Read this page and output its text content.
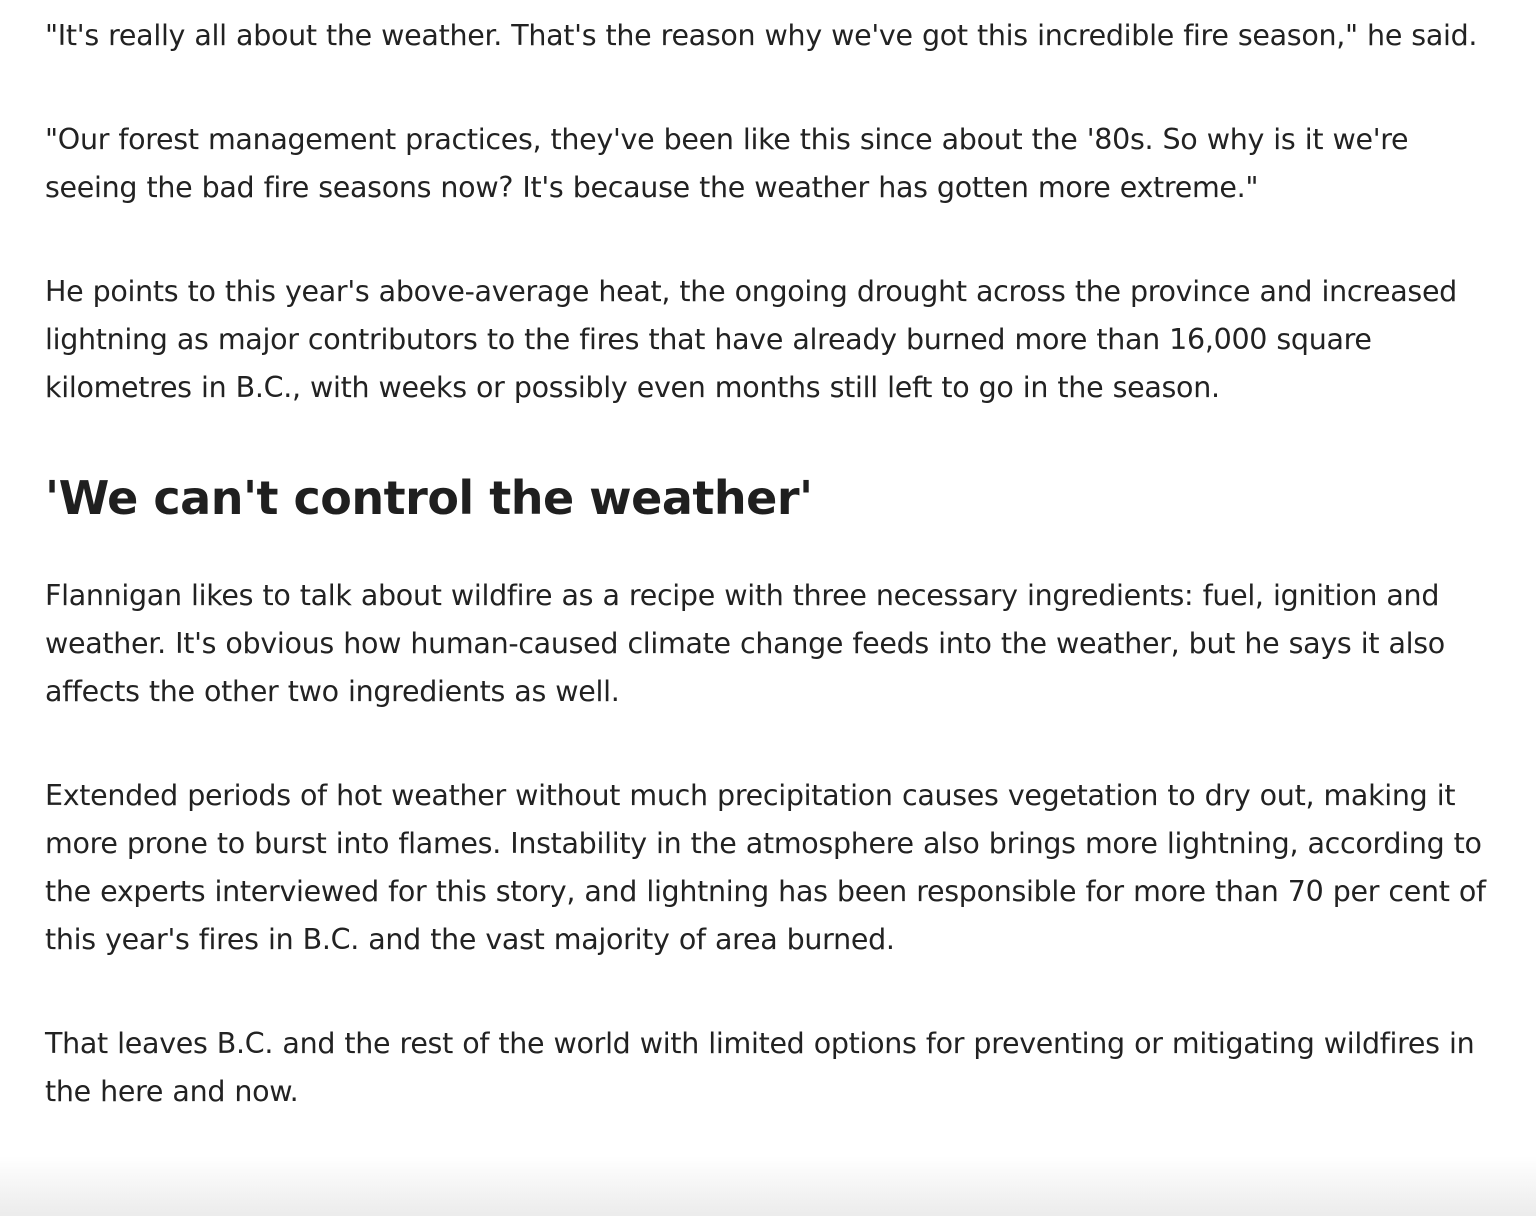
"It's really all about the weather. That's the reason why we've got this incredible fire season," he said.

"Our forest management practices, they've been like this since about the '80s. So why is it we're seeing the bad fire seasons now? It's because the weather has gotten more extreme."

He points to this year's above-average heat, the ongoing drought across the province and increased lightning as major contributors to the fires that have already burned more than 16,000 square kilometres in B.C., with weeks or possibly even months still left to go in the season.

'We can't control the weather'

Flannigan likes to talk about wildfire as a recipe with three necessary ingredients: fuel, ignition and weather. It's obvious how human-caused climate change feeds into the weather, but he says it also affects the other two ingredients as well.

Extended periods of hot weather without much precipitation causes vegetation to dry out, making it more prone to burst into flames. Instability in the atmosphere also brings more lightning, according to the experts interviewed for this story, and lightning has been responsible for more than 70 per cent of this year's fires in B.C. and the vast majority of area burned.

That leaves B.C. and the rest of the world with limited options for preventing or mitigating wildfires in the here and now.
